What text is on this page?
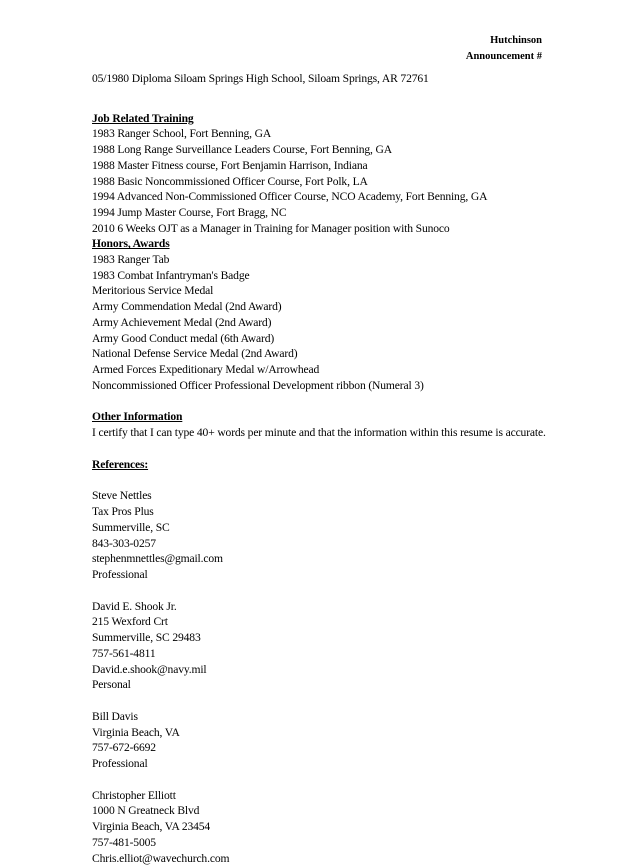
Hutchinson
Announcement #
05/1980 Diploma Siloam Springs High School, Siloam Springs, AR 72761
Job Related Training
1983 Ranger School, Fort Benning, GA
1988 Long Range Surveillance Leaders Course, Fort Benning, GA
1988 Master Fitness course, Fort Benjamin Harrison, Indiana
1988 Basic Noncommissioned Officer Course, Fort Polk, LA
1994 Advanced Non-Commissioned Officer Course, NCO Academy, Fort Benning, GA
1994 Jump Master Course, Fort Bragg, NC
2010 6 Weeks OJT as a Manager in Training for Manager position with Sunoco
Honors, Awards
1983 Ranger Tab
1983 Combat Infantryman's Badge
Meritorious Service Medal
Army Commendation Medal (2nd Award)
Army Achievement Medal (2nd Award)
Army Good Conduct medal (6th Award)
National Defense Service Medal (2nd Award)
Armed Forces Expeditionary Medal w/Arrowhead
Noncommissioned Officer Professional Development ribbon (Numeral 3)
Other Information
I certify that I can type 40+ words per minute and that the information within this resume is accurate.
References:
Steve Nettles
Tax Pros Plus
Summerville, SC
843-303-0257
stephenmnettles@gmail.com
Professional
David E. Shook Jr.
215 Wexford Crt
Summerville, SC 29483
757-561-4811
David.e.shook@navy.mil
Personal
Bill Davis
Virginia Beach, VA
757-672-6692
Professional
Christopher Elliott
1000 N Greatneck Blvd
Virginia Beach, VA 23454
757-481-5005
Chris.elliot@wavechurch.com
